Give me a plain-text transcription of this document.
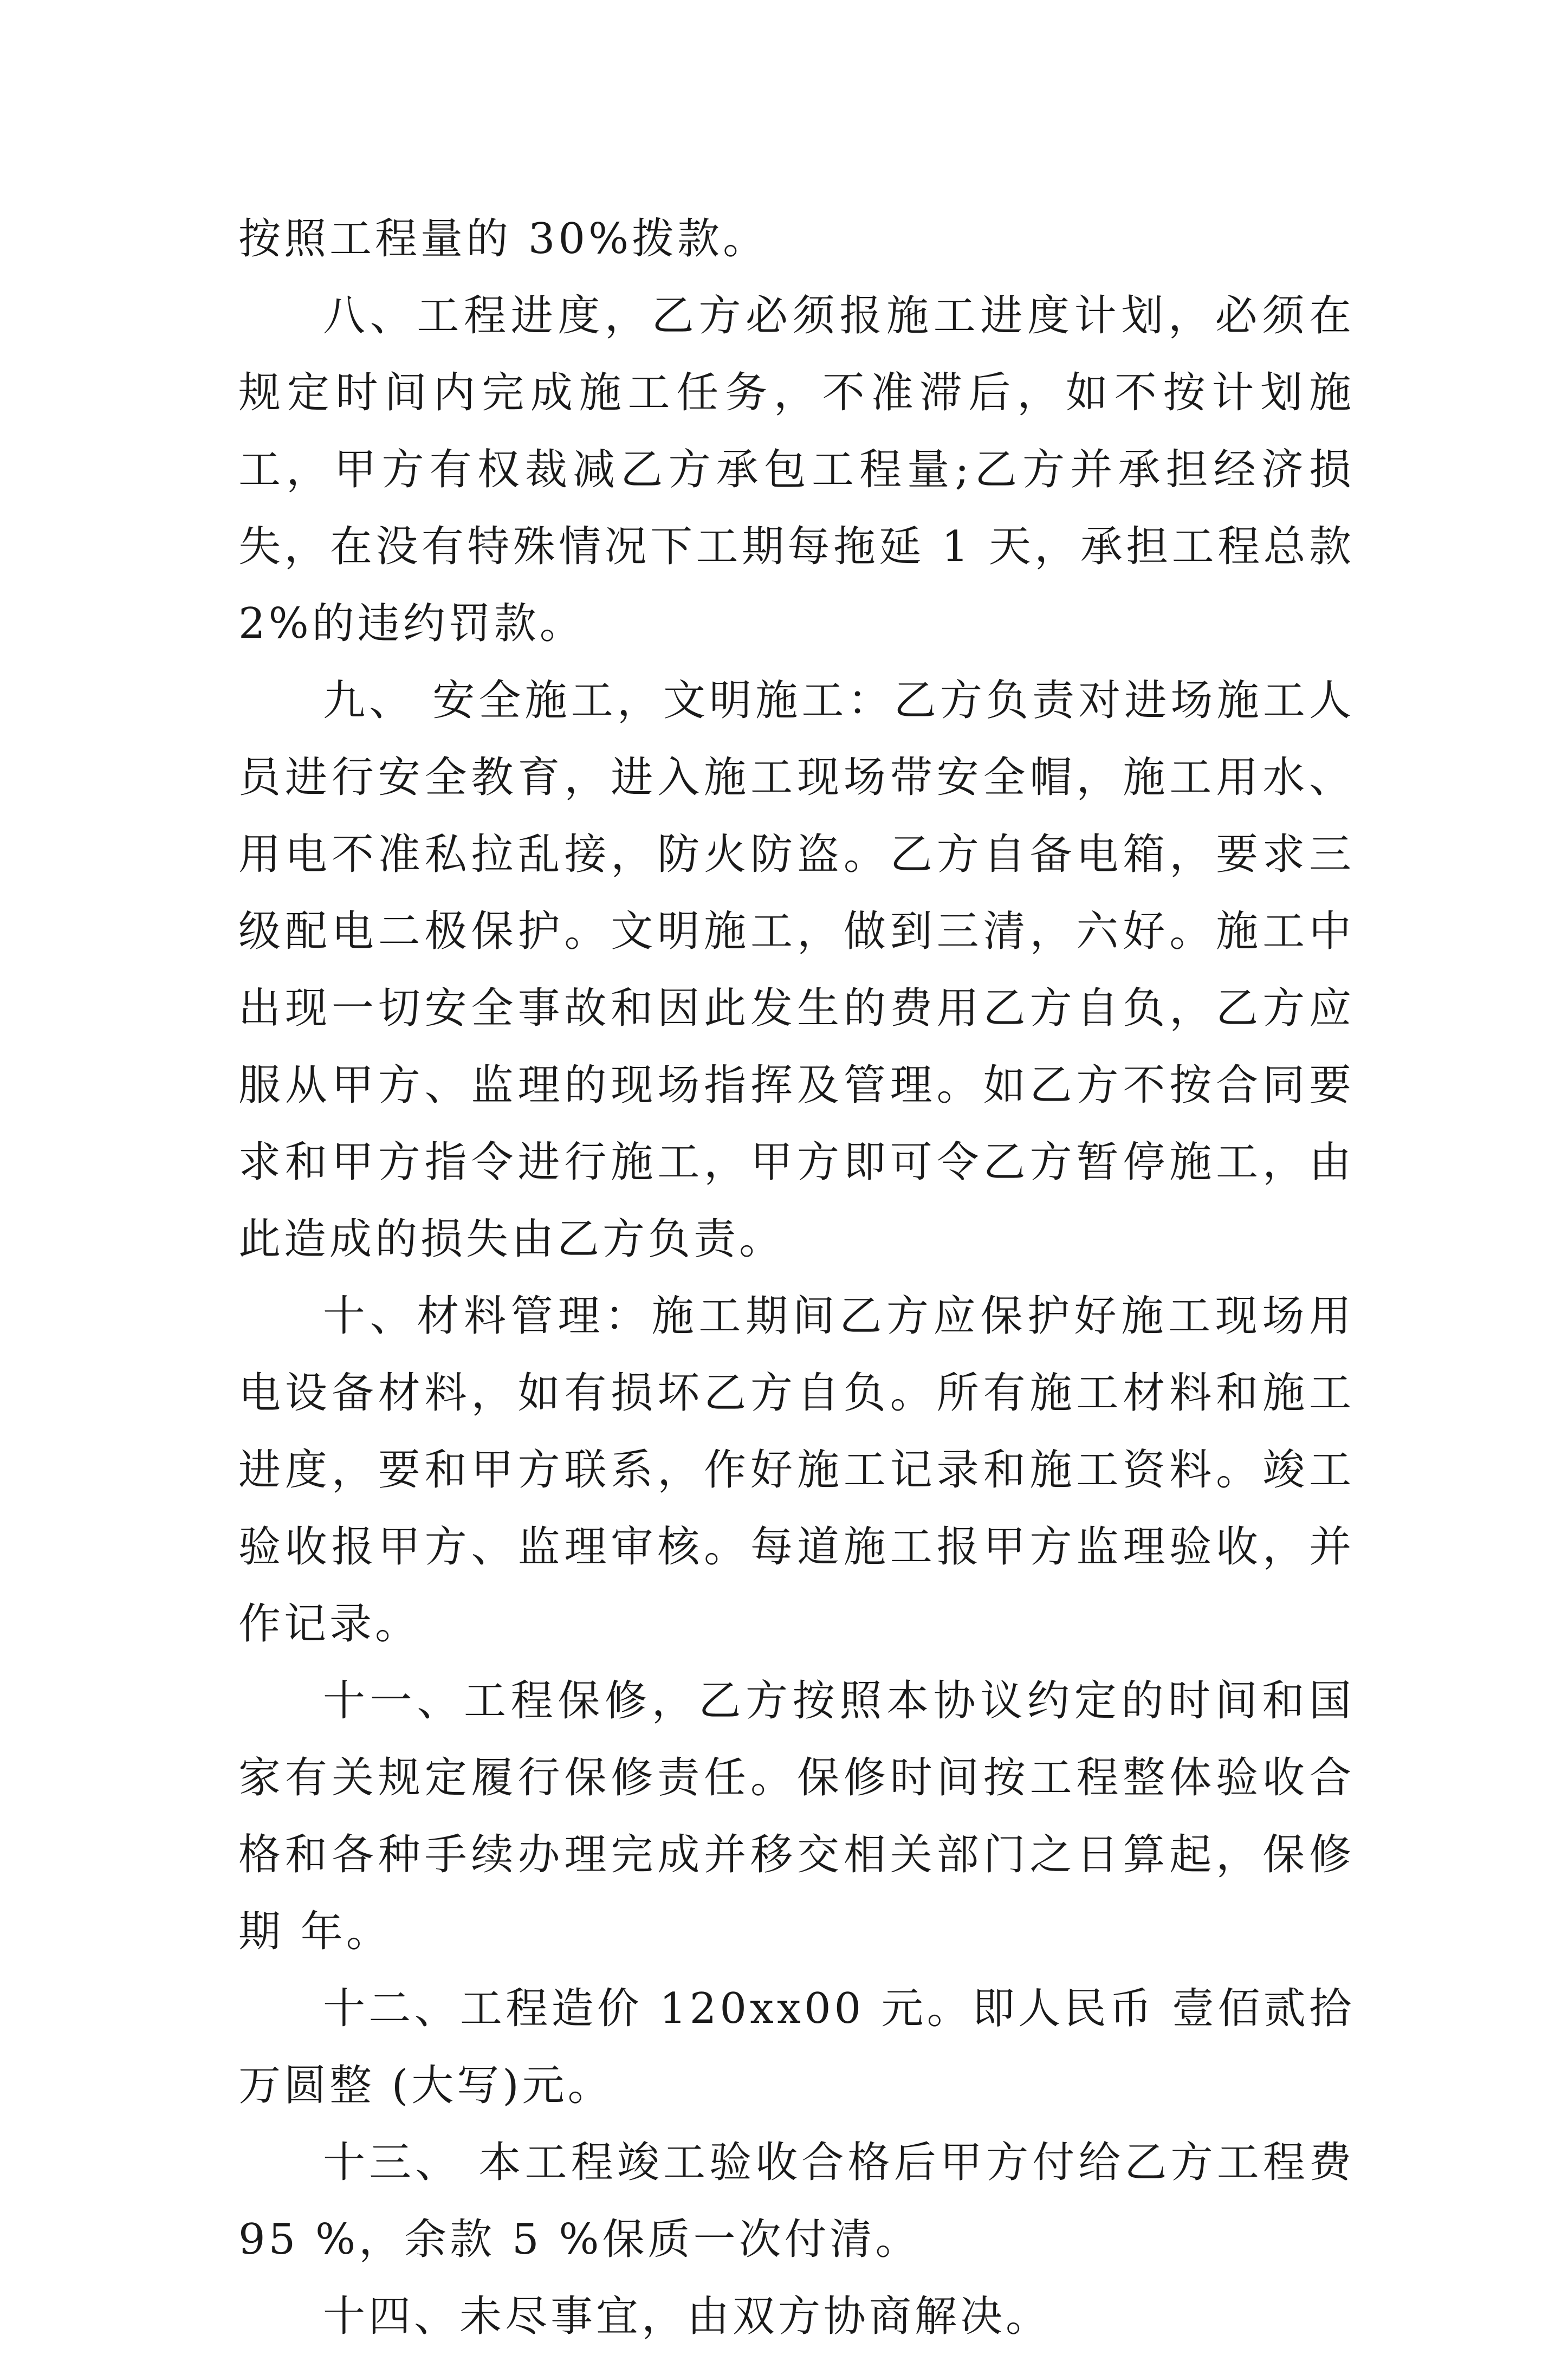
按照工程量的 30%拨款。

八、工程进度，乙方必须报施工进度计划，必须在规定时间内完成施工任务，不准滞后，如不按计划施工，甲方有权裁减乙方承包工程量;乙方并承担经济损失，在没有特殊情况下工期每拖延 1 天，承担工程总款 2%的违约罚款。

九、 安全施工，文明施工：乙方负责对进场施工人员进行安全教育，进入施工现场带安全帽，施工用水、用电不准私拉乱接，防火防盗。乙方自备电箱，要求三级配电二极保护。文明施工，做到三清，六好。施工中出现一切安全事故和因此发生的费用乙方自负，乙方应服从甲方、监理的现场指挥及管理。如乙方不按合同要求和甲方指令进行施工，甲方即可令乙方暂停施工，由此造成的损失由乙方负责。

十、材料管理：施工期间乙方应保护好施工现场用电设备材料，如有损坏乙方自负。所有施工材料和施工进度，要和甲方联系，作好施工记录和施工资料。竣工验收报甲方、监理审核。每道施工报甲方监理验收，并作记录。

十一、工程保修，乙方按照本协议约定的时间和国家有关规定履行保修责任。保修时间按工程整体验收合格和各种手续办理完成并移交相关部门之日算起，保修期 年。

十二、工程造价 120xx00 元。即人民币 壹佰贰拾万圆整 (大写)元。

十三、 本工程竣工验收合格后甲方付给乙方工程费 95 %，余款 5 %保质一次付清。

十四、未尽事宜，由双方协商解决。
